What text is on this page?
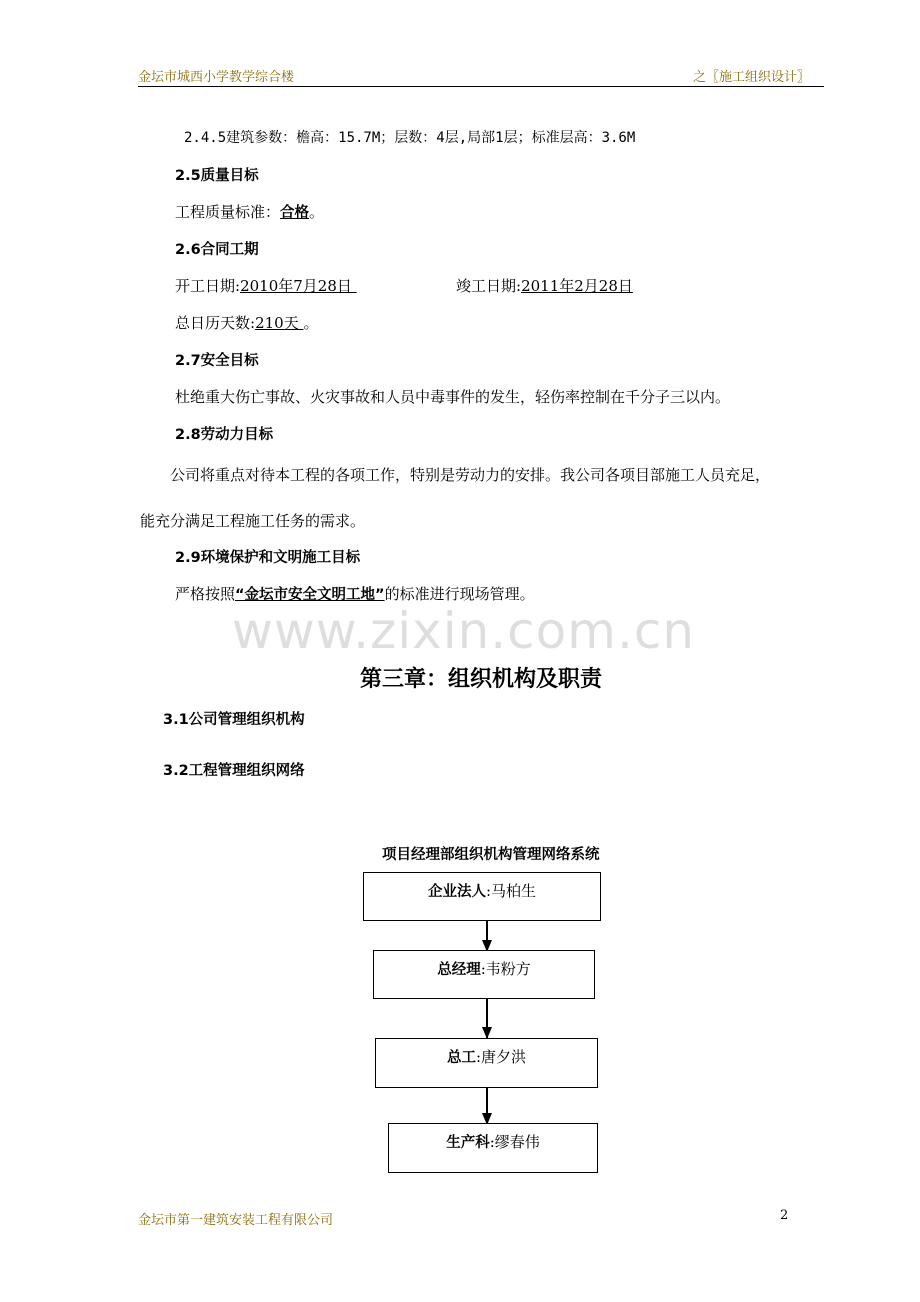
金坛市城西小学教学综合楼	之〖施工组织设计〗
2.4.5建筑参数：檐高：15.7M；层数：4层,局部1层；标准层高：3.6M
2.5质量目标
工程质量标准：合格。
2.6合同工期
开工日期:2010年7月28日	竣工日期:2011年2月28日
总日历天数:210天 。
2.7安全目标
杜绝重大伤亡事故、火灾事故和人员中毒事件的发生，轻伤率控制在千分子三以内。
2.8劳动力目标
公司将重点对待本工程的各项工作，特别是劳动力的安排。我公司各项目部施工人员充足，
能充分满足工程施工任务的需求。
2.9环境保护和文明施工目标
严格按照“金坛市安全文明工地”的标准进行现场管理。
www.zixin.com.cn
第三章：组织机构及职责
3.1公司管理组织机构
3.2工程管理组织网络
项目经理部组织机构管理网络系统
企业法人 :马柏生
总经理 :韦粉方
总工 :唐夕洪
生产科 :缪春伟
金坛市第一建筑安装工程有限公司	2
